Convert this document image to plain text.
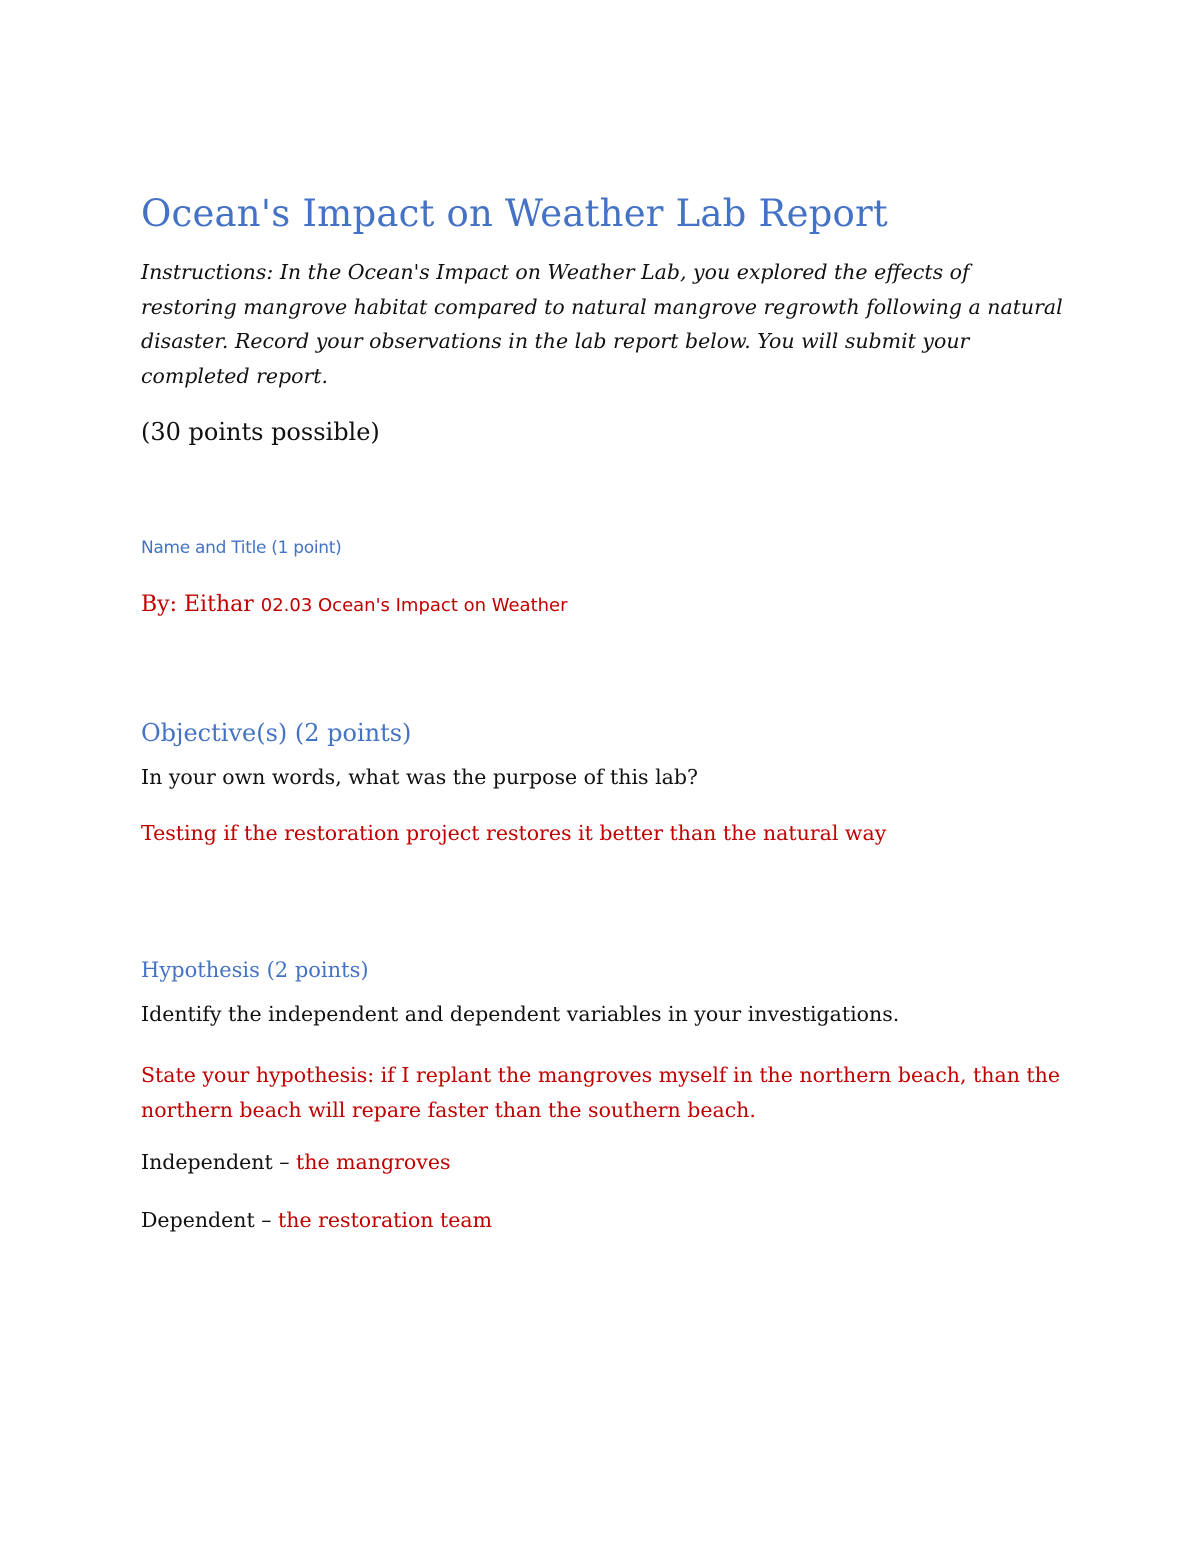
Ocean's Impact on Weather Lab Report
Instructions: In the Ocean's Impact on Weather Lab, you explored the effects of restoring mangrove habitat compared to natural mangrove regrowth following a natural disaster. Record your observations in the lab report below. You will submit your completed report.
(30 points possible)
Name and Title (1 point)
By: Eithar 02.03 Ocean's Impact on Weather
Objective(s) (2 points)
In your own words, what was the purpose of this lab?
Testing if the restoration project restores it better than the natural way
Hypothesis (2 points)
Identify the independent and dependent variables in your investigations.
State your hypothesis: if I replant the mangroves myself in the northern beach, than the northern beach will repare faster than the southern beach.
Independent – the mangroves
Dependent – the restoration team
